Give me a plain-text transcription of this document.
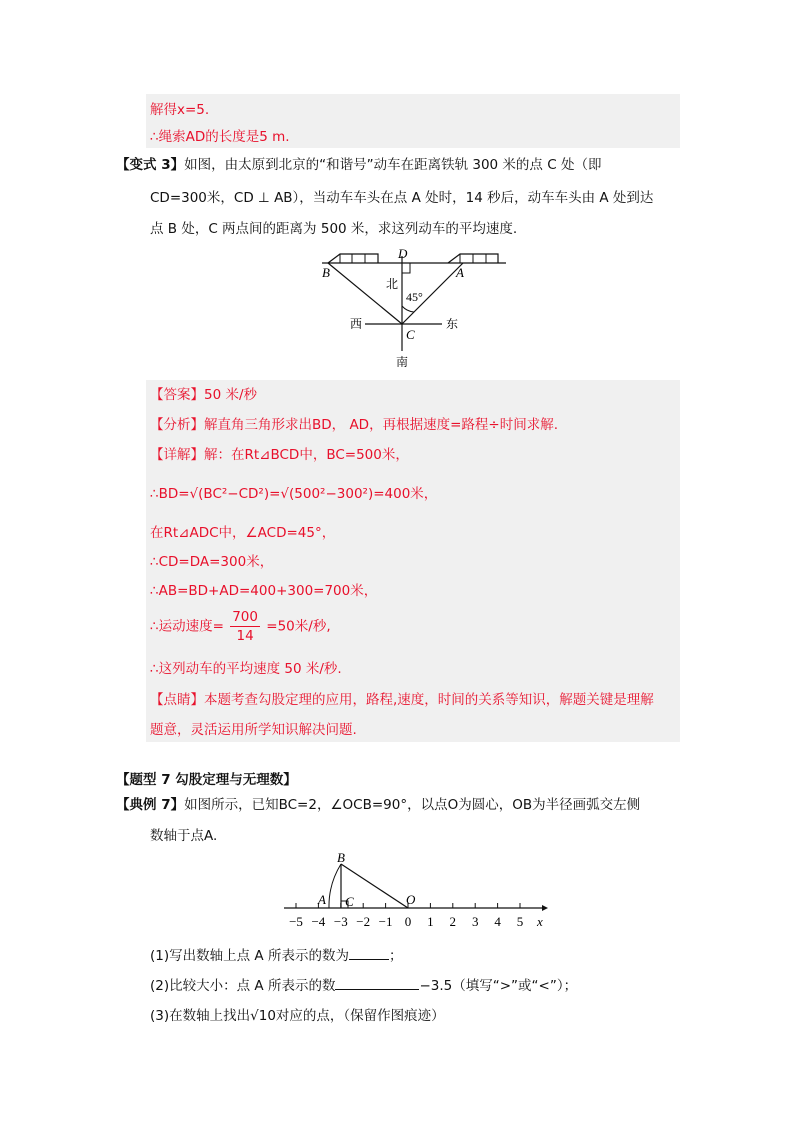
解得x=5.
∴绳索AD的长度是5 m.
【变式 3】如图，由太原到北京的“和谐号”动车在距离铁轨 300 米的点 C 处（即
CD=300米，CD ⊥ AB），当动车车头在点 A 处时，14 秒后，动车车头由 A 处到达
点 B 处，C 两点间的距离为 500 米，求这列动车的平均速度.
D
B	A
C
北
45°
西	东
南
【答案】50 米/秒
【分析】解直角三角形求出BD， AD，再根据速度=路程÷时间求解.
【详解】解：在Rt⊿BCD中，BC=500米，
∴BD=√(BC²−CD²)=√(500²−300²)=400米，
在Rt⊿ADC中，∠ACD=45°，
∴CD=DA=300米，
∴AB=BD+AD=400+300=700米，
∴运动速度= $\frac{700}{14} =50$米/秒,
∴这列动车的平均速度 50 米/秒.
【点睛】本题考查勾股定理的应用，路程,速度，时间的关系等知识，解题关键是理解
题意，灵活运用所学知识解决问题.
【题型 7 勾股定理与无理数】
【典例 7】如图所示，已知BC=2，∠OCB=90°，以点O为圆心，OB为半径画弧交左侧
数轴于点A.
−5 −4 −3 −2 −1 0 1 2 3 4 5
B
A C	O
x
(1)写出数轴上点 A 所表示的数为	；
(2)比较大小：点 A 所表示的数	−3.5（填写“>”或“<”）；
(3)在数轴上找出√10对应的点，（保留作图痕迹）
